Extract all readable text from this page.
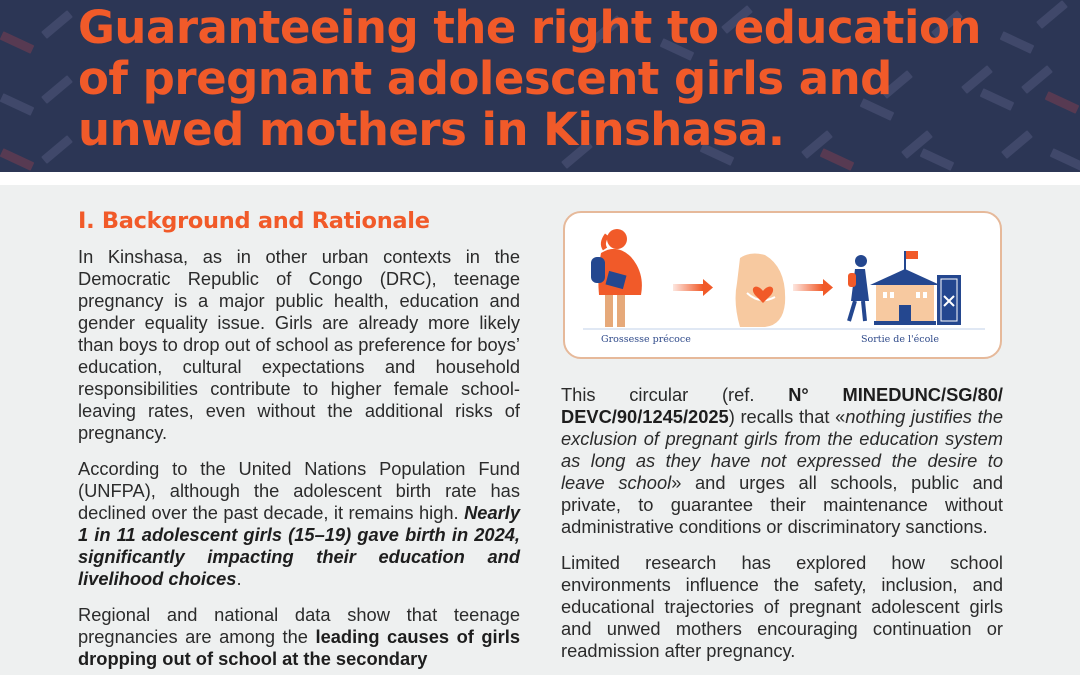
Guaranteeing the right to education of pregnant adolescent girls and unwed mothers in Kinshasa.
I. Background and Rationale

In Kinshasa, as in other urban contexts in the Democratic Republic of Congo (DRC), teenage pregnancy is a major public health, education and gender equality issue. Girls are already more likely than boys to drop out of school as preference for boys’ education, cultural expectations and household responsibilities contribute to higher female school-leaving rates, even without the additional risks of pregnancy.

According to the United Nations Population Fund (UNFPA), although the adolescent birth rate has declined over the past decade, it remains high. Nearly 1 in 11 adolescent girls (15–19) gave birth in 2024, significantly impacting their education and livelihood choices.

Regional and national data show that teenage pregnancies are among the leading causes of girls dropping out of school at the secondary

Grossesse précoce	Sortie de l'école

This circular (ref. N° MINEDUNC/SG/80/ DEVC/90/1245/2025) recalls that «nothing justifies the exclusion of pregnant girls from the education system as long as they have not expressed the desire to leave school» and urges all schools, public and private, to guarantee their maintenance without administrative conditions or discriminatory sanctions.

Limited research has explored how school environments influence the safety, inclusion, and educational trajectories of pregnant adolescent girls and unwed mothers encouraging continuation or readmission after pregnancy.
